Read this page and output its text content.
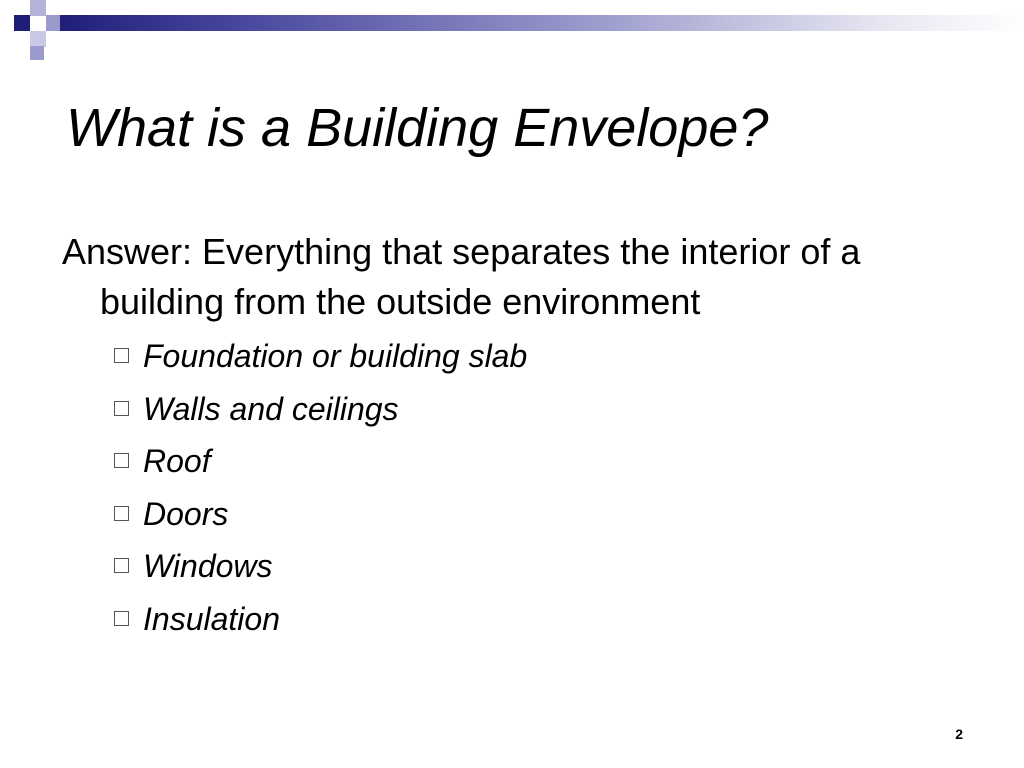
What is a Building Envelope?

Answer: Everything that separates the interior of a building from the outside environment

Foundation or building slab
Walls and ceilings
Roof
Doors
Windows
Insulation
2
